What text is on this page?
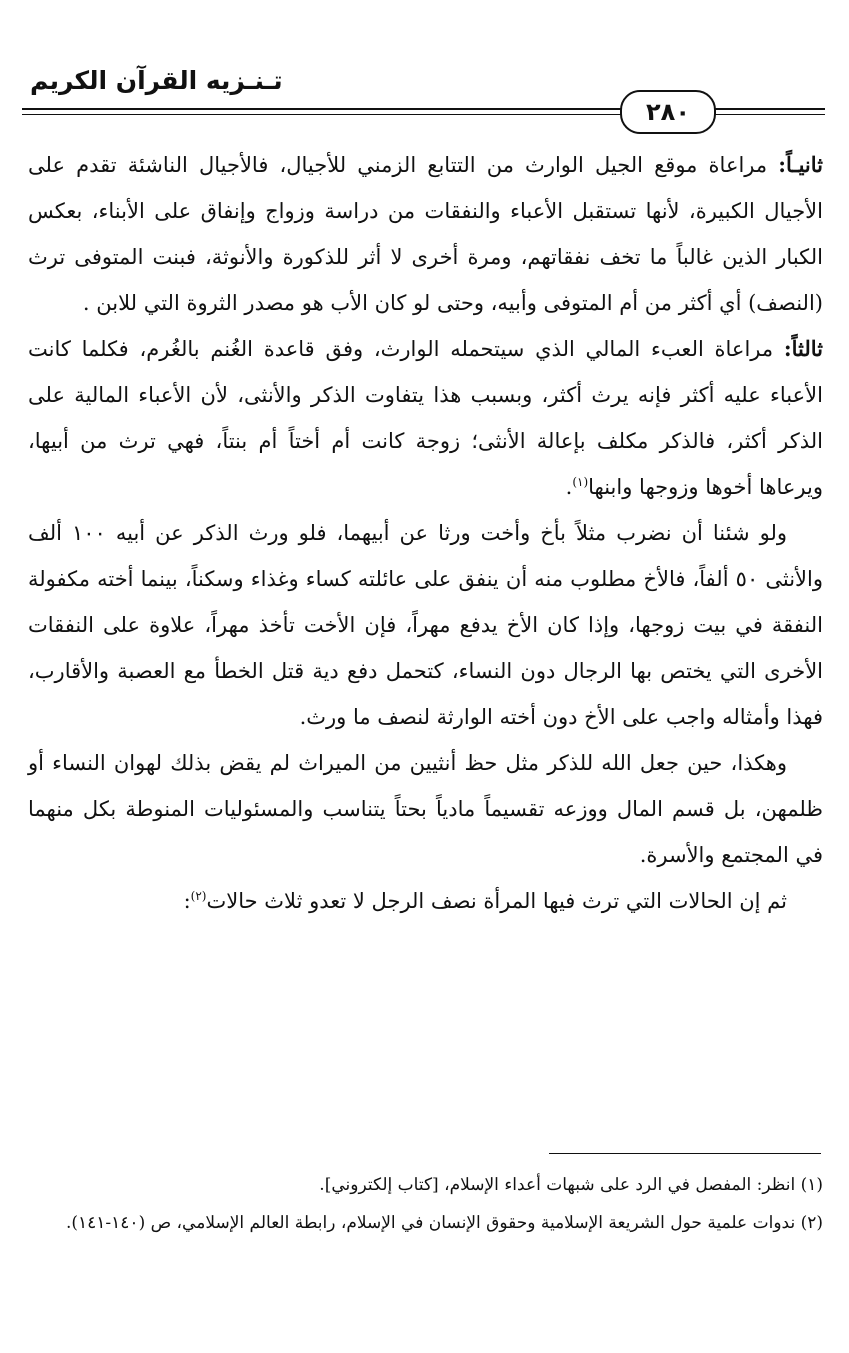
تـنـزيه القرآن الكريم
٢٨٠

ثانيـاً: مراعاة موقع الجيل الوارث من التتابع الزمني للأجيال، فالأجيال الناشئة تقدم على الأجيال الكبيرة، لأنها تستقبل الأعباء والنفقات من دراسة وزواج وإنفاق على الأبناء، بعكس الكبار الذين غالباً ما تخف نفقاتهم، ومرة أخرى لا أثر للذكورة والأنوثة، فبنت المتوفى ترث (النصف) أي أكثر من أم المتوفى وأبيه، وحتى لو كان الأب هو مصدر الثروة التي للابن .

ثالثاً: مراعاة العبء المالي الذي سيتحمله الوارث، وفق قاعدة الغُنم بالغُرم، فكلما كانت الأعباء عليه أكثر فإنه يرث أكثر، وبسبب هذا يتفاوت الذكر والأنثى، لأن الأعباء المالية على الذكر أكثر، فالذكر مكلف بإعالة الأنثى؛ زوجة كانت أم أختاً أم بنتاً، فهي ترث من أبيها، ويرعاها أخوها وزوجها وابنها$^{(١)}$.

ولو شئنا أن نضرب مثلاً بأخ وأخت ورثا عن أبيهما، فلو ورث الذكر عن أبيه ١٠٠ ألف والأنثى ٥٠ ألفاً، فالأخ مطلوب منه أن ينفق على عائلته كساء وغذاء وسكناً، بينما أخته مكفولة النفقة في بيت زوجها، وإذا كان الأخ يدفع مهراً، فإن الأخت تأخذ مهراً، علاوة على النفقات الأخرى التي يختص بها الرجال دون النساء، كتحمل دفع دية قتل الخطأ مع العصبة والأقارب، فهذا وأمثاله واجب على الأخ دون أخته الوارثة لنصف ما ورث.

وهكذا، حين جعل الله للذكر مثل حظ أنثيين من الميراث لم يقض بذلك لهوان النساء أو ظلمهن، بل قسم المال ووزعه تقسيماً مادياً بحتاً يتناسب والمسئوليات المنوطة بكل منهما في المجتمع والأسرة.

ثم إن الحالات التي ترث فيها المرأة نصف الرجل لا تعدو ثلاث حالات$^{(٢)}$:

(١) انظر: المفصل في الرد على شبهات أعداء الإسلام، [كتاب إلكتروني].

(٢) ندوات علمية حول الشريعة الإسلامية وحقوق الإنسان في الإسلام، رابطة العالم الإسلامي، ص (١٤٠-١٤١).
